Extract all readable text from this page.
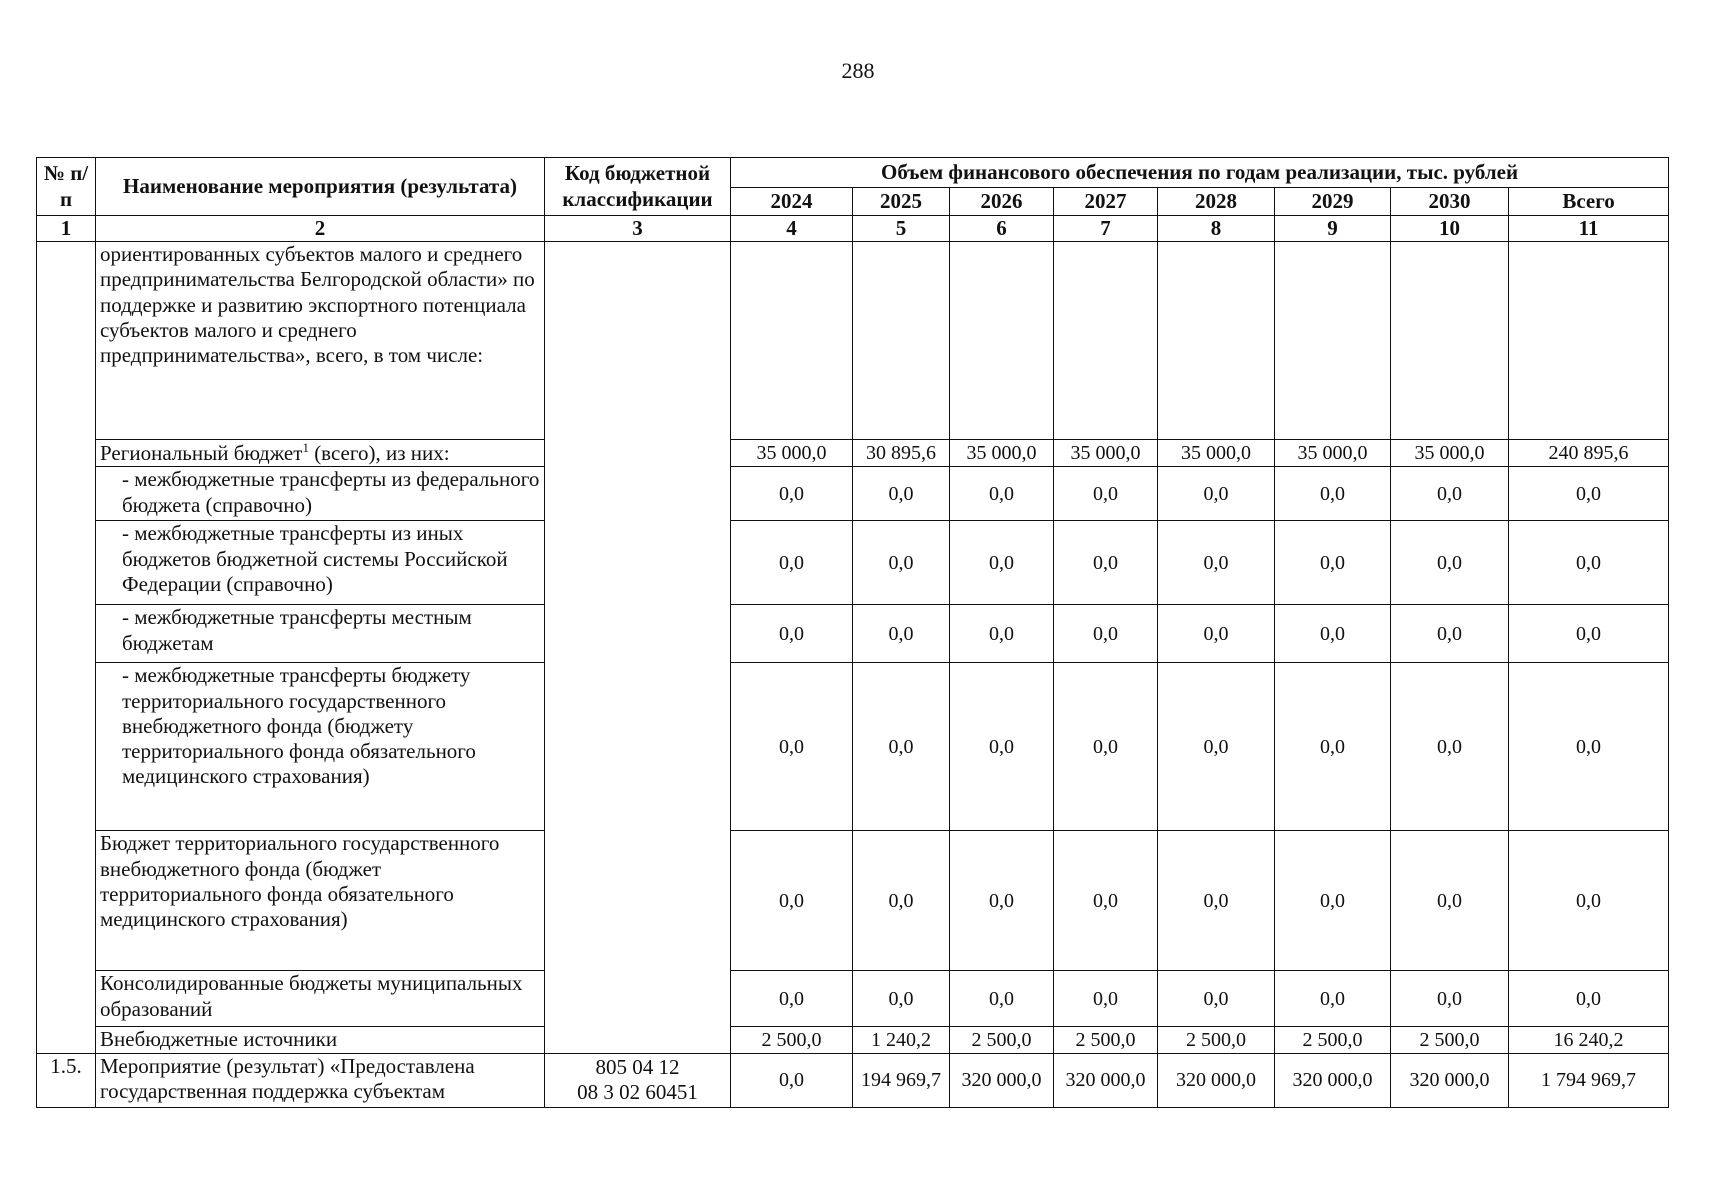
288
№ п/п	Наименование мероприятия (результата)	Код бюджетной классификации	Объем финансового обеспечения по годам реализации, тыс. рублей							
			2024	2025	2026	2027	2028	2029	2030	Всего
1	2	3	4	5	6	7	8	9	10	11
	ориентированных субъектов малого и среднего предпринимательства Белгородской области» по поддержке и развитию экспортного потенциала субъектов малого и среднего предпринимательства», всего, в том числе:									
	Региональный бюджет$^1$ (всего), из них:		35 000,0	30 895,6	35 000,0	35 000,0	35 000,0	35 000,0	35 000,0	240 895,6
	- межбюджетные трансферты из федерального бюджета (справочно)		0,0	0,0	0,0	0,0	0,0	0,0	0,0	0,0
	- межбюджетные трансферты из иных бюджетов бюджетной системы Российской Федерации (справочно)		0,0	0,0	0,0	0,0	0,0	0,0	0,0	0,0
	- межбюджетные трансферты местным бюджетам		0,0	0,0	0,0	0,0	0,0	0,0	0,0	0,0
	- межбюджетные трансферты бюджету территориального государственного внебюджетного фонда (бюджету территориального фонда обязательного медицинского страхования)		0,0	0,0	0,0	0,0	0,0	0,0	0,0	0,0
	Бюджет территориального государственного внебюджетного фонда (бюджет территориального фонда обязательного медицинского страхования)		0,0	0,0	0,0	0,0	0,0	0,0	0,0	0,0
	Консолидированные бюджеты муниципальных образований		0,0	0,0	0,0	0,0	0,0	0,0	0,0	0,0
	Внебюджетные источники		2 500,0	1 240,2	2 500,0	2 500,0	2 500,0	2 500,0	2 500,0	16 240,2
1.5.	Мероприятие (результат) «Предоставлена государственная поддержка субъектам	805 04 12
08 3 02 60451	0,0	194 969,7	320 000,0	320 000,0	320 000,0	320 000,0	320 000,0	1 794 969,7
